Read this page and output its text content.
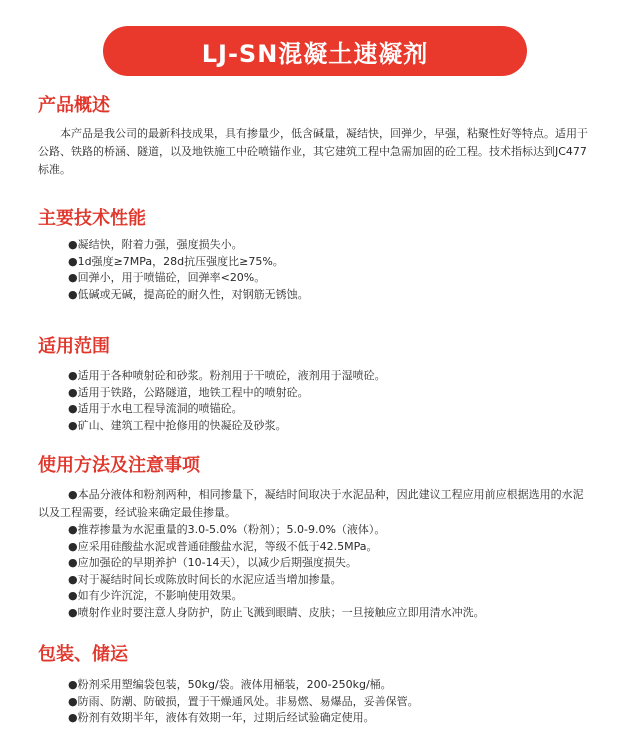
LJ-SN混凝土速凝剂
产品概述

本产品是我公司的最新科技成果，具有掺量少，低含碱量，凝结快，回弹少，早强，粘聚性好等特点。适用于公路、铁路的桥涵、隧道，以及地铁施工中砼喷锚作业，其它建筑工程中急需加固的砼工程。技术指标达到JC477标准。

主要技术性能
●凝结快，附着力强，强度损失小。
●1d强度≥7MPa，28d抗压强度比≥75%。
●回弹小，用于喷锚砼，回弹率<20%。
●低碱或无碱，提高砼的耐久性，对钢筋无锈蚀。
适用范围
●适用于各种喷射砼和砂浆。粉剂用于干喷砼，液剂用于湿喷砼。
●适用于铁路，公路隧道，地铁工程中的喷射砼。
●适用于水电工程导流洞的喷锚砼。
●矿山、建筑工程中抢修用的快凝砼及砂浆。
使用方法及注意事项

●本品分液体和粉剂两种，相同掺量下，凝结时间取决于水泥品种，因此建议工程应用前应根据选用的水泥以及工程需要，经试验来确定最佳掺量。

●推荐掺量为水泥重量的3.0-5.0%（粉剂）；5.0-9.0%（液体）。
●应采用硅酸盐水泥或普通硅酸盐水泥，等级不低于42.5MPa。
●应加强砼的早期养护（10-14天），以减少后期强度损失。
●对于凝结时间长或陈放时间长的水泥应适当增加掺量。
●如有少许沉淀，不影响使用效果。
●喷射作业时要注意人身防护，防止飞溅到眼睛、皮肤；一旦接触应立即用清水冲洗。
包装、储运
●粉剂采用塑编袋包装，50kg/袋。液体用桶装，200-250kg/桶。
●防雨、防潮、防破损，置于干燥通风处。非易燃、易爆品，妥善保管。
●粉剂有效期半年，液体有效期一年，过期后经试验确定使用。
